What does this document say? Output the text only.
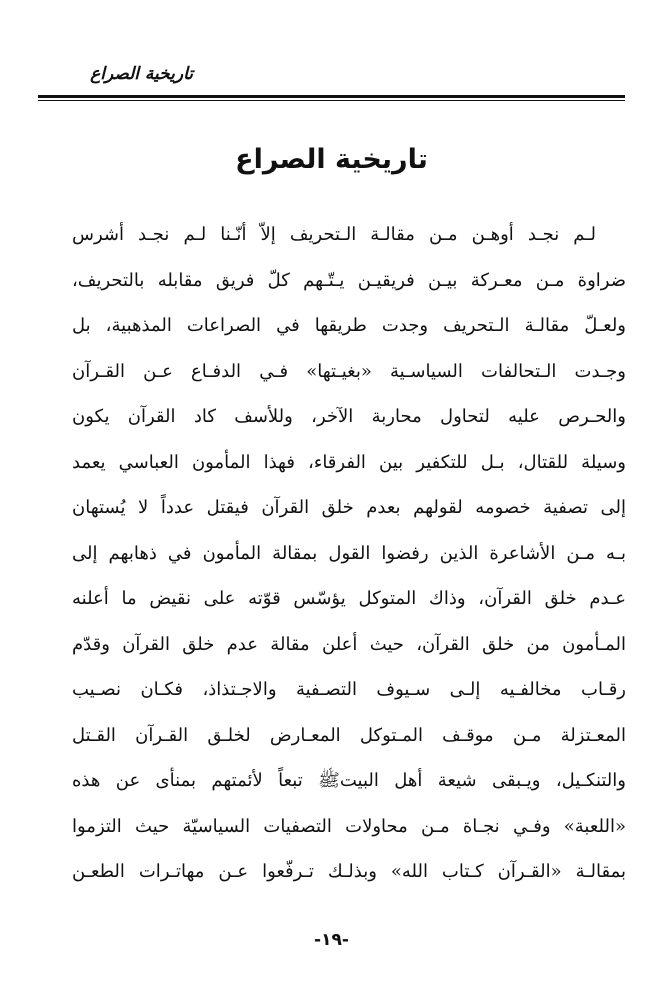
تاريخية الصراع
تاريخية الصراع
لـم نجـد أوهـن مـن مقالـة الـتحريف إلاّ أنّـنا لـم نجـد أشرس
ضراوة مـن معـركة بيـن فريقيـن يـتّـهم كلّ فريق مقابله بالتحريف،
ولعـلّ مقالـة الـتحريف وجدت طريقها في الصراعات المذهبية، بل
وجـدت الـتحالفات السياسـية «بغيـتها» فـي الدفـاع عـن القـرآن
والحـرص عليه لتحاول محاربة الآخر، وللأسف كاد القرآن يكون
وسيلة للقتال، بـل للتكفير بين الفرقاء، فهذا المأمون العباسي يعمد
إلى تصفية خصومه لقولهم بعدم خلق القرآن فيقتل عدداً لا يُستهان
بـه مـن الأشاعرة الذين رفضوا القول بمقالة المأمون في ذهابهم إلى
عـدم خلق القرآن، وذاك المتوكل يؤسّس قوّته على نقيض ما أعلنه
المـأمون من خلق القرآن، حيث أعلن مقالة عدم خلق القرآن وقدّم
رقـاب مخالفـيه إلـى سـيوف التصـفية والاجـتذاذ، فكـان نصـيب
المعـتزلة مـن موقـف المـتوكل المعـارض لخلـق القـرآن القـتل
والتنكـيل، ويـبقى شيعة أهل البيتﷺ تبعاً لأئمتهم بمنأى عن هذه
«اللعبة» وفـي نجـاة مـن محاولات التصفيات السياسيّة حيث التزموا
بمقالـة «القـرآن كـتاب الله» وبذلـك تـرفّعوا عـن مهاتـرات الطعـن
-١٩-
